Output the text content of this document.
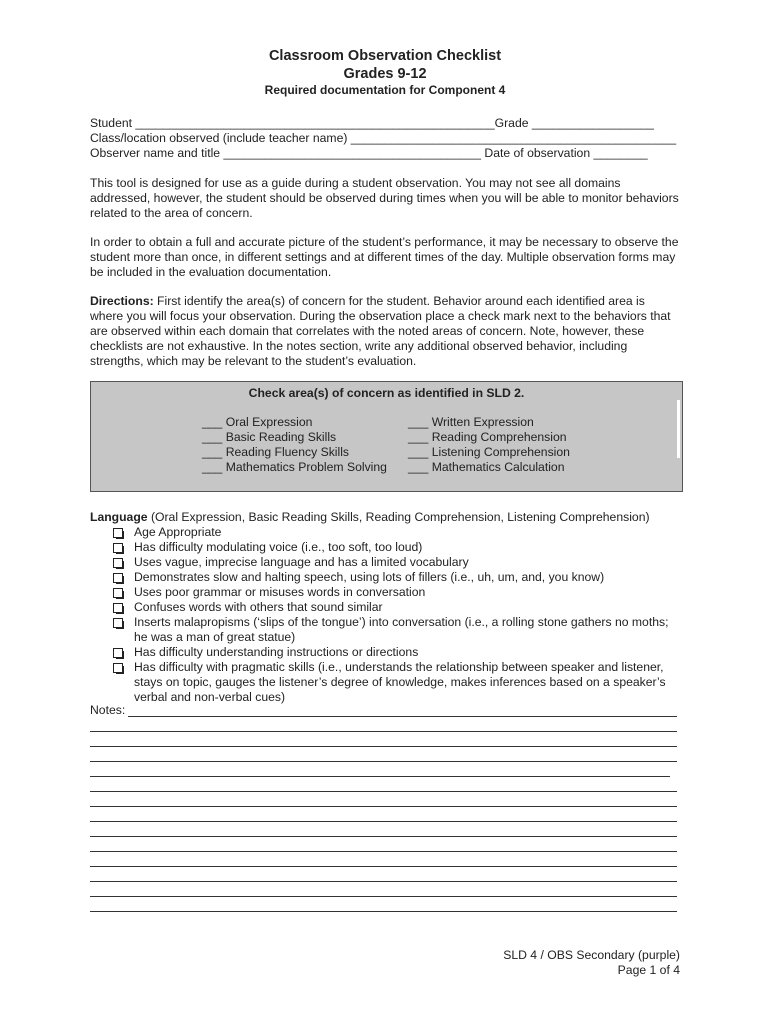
Classroom Observation Checklist
Grades 9-12
Required documentation for Component 4
Student _____________________________________________________Grade __________________
Class/location observed (include teacher name) ________________________________________________
Observer name and title ______________________________________ Date of observation ________
This tool is designed for use as a guide during a student observation. You may not see all domains addressed, however, the student should be observed during times when you will be able to monitor behaviors related to the area of concern.
In order to obtain a full and accurate picture of the student’s performance, it may be necessary to observe the student more than once, in different settings and at different times of the day. Multiple observation forms may be included in the evaluation documentation.
Directions: First identify the area(s) of concern for the student. Behavior around each identified area is where you will focus your observation. During the observation place a check mark next to the behaviors that are observed within each domain that correlates with the noted areas of concern. Note, however, these checklists are not exhaustive. In the notes section, write any additional observed behavior, including strengths, which may be relevant to the student’s evaluation.
Check area(s) of concern as identified in SLD 2.
___ Oral Expression
___ Basic Reading Skills
___ Reading Fluency Skills
___ Mathematics Problem Solving
___ Written Expression
___ Reading Comprehension
___ Listening Comprehension
___ Mathematics Calculation
Language (Oral Expression, Basic Reading Skills, Reading Comprehension, Listening Comprehension)
Age Appropriate
Has difficulty modulating voice (i.e., too soft, too loud)
Uses vague, imprecise language and has a limited vocabulary
Demonstrates slow and halting speech, using lots of fillers (i.e., uh, um, and, you know)
Uses poor grammar or misuses words in conversation
Confuses words with others that sound similar
Inserts malapropisms (‘slips of the tongue’) into conversation (i.e., a rolling stone gathers no moths; he was a man of great statue)
Has difficulty understanding instructions or directions
Has difficulty with pragmatic skills (i.e., understands the relationship between speaker and listener, stays on topic, gauges the listener’s degree of knowledge, makes inferences based on a speaker’s verbal and non-verbal cues)
Notes:
SLD 4 / OBS Secondary (purple)
Page 1 of 4
